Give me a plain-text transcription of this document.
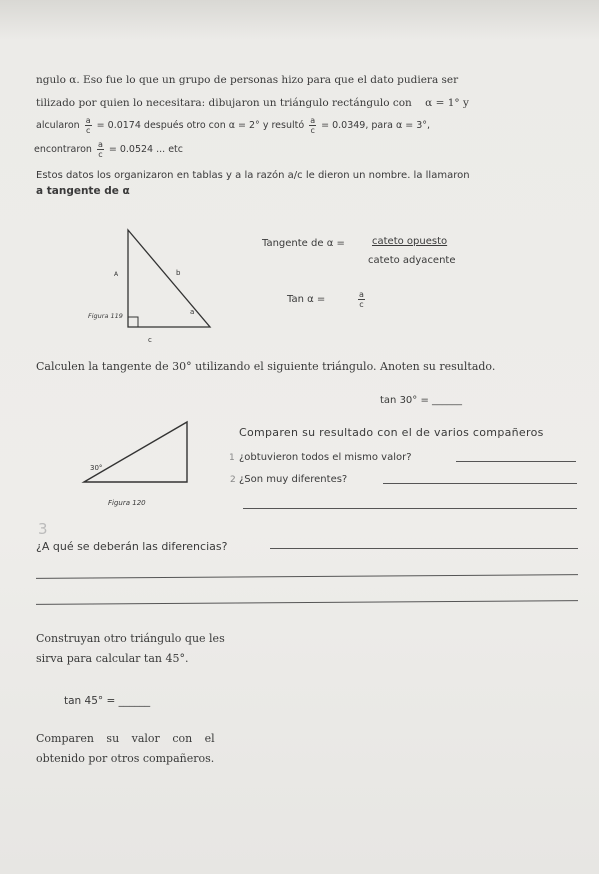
ngulo α. Eso fue lo que un grupo de personas hizo para que el dato pudiera ser
tilizado por quien lo necesitara: dibujaron un triángulo rectángulo con α = 1° y
alcularon $\frac{a}{c} = 0.0174$ después otro con α = 2° y resultó $\frac{a}{c} = 0.0349$, para α = 3°,
encontraron $\frac{a}{c} = 0.0524$ ... etc
Estos datos los organizaron en tablas y a la razón a/c le dieron un nombre. la llamaron
a tangente de α
A	b
a
c
Figura 119
Tangente de α =	cateto opuesto
cateto adyacente
Tan α =	$\frac{a}{c}$
Calculen la tangente de 30° utilizando el siguiente triángulo. Anoten su resultado.
tan 30° = ______
30°
Figura 120
Comparen su resultado con el de varios compañeros
1 ¿obtuvieron todos el mismo valor?
2 ¿Son muy diferentes?
3
¿A qué se deberán las diferencias?
Construyan otro triángulo que les
sirva para calcular tan 45°.
tan 45° = ______
Comparen su valor con el
obtenido por otros compañeros.
